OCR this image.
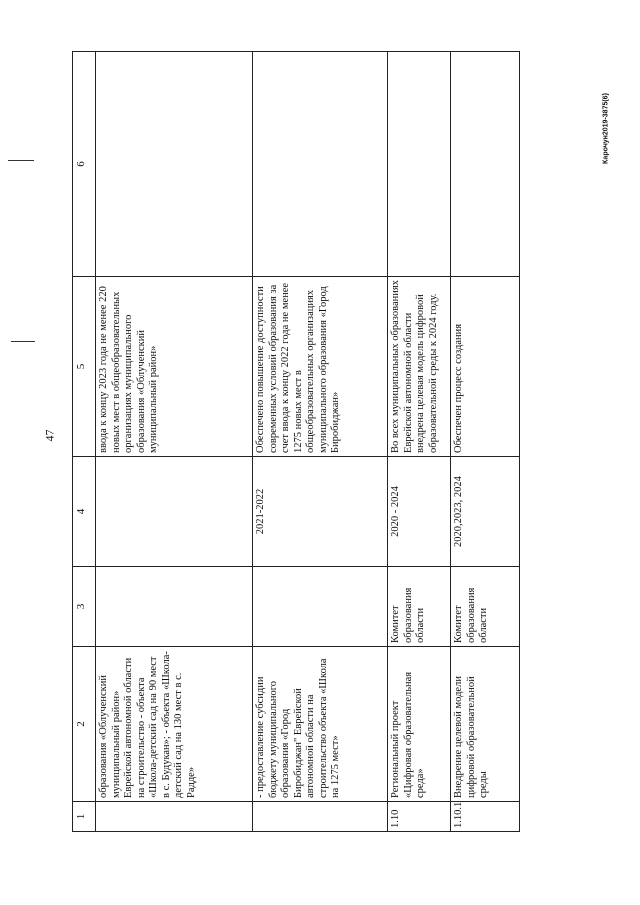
47
Карочун2019-3875(6)
1	2	3	4	5	6
	образования «Облученский муниципальный район» Еврейской автономной области на строительство - объекта «Школа-детский сад на 90 мест в с. Будукан»; - объекта «Школа-детский сад на 130 мест в с. Радде»			ввода к концу 2023 года не менее 220 новых мест в общеобразовательных организациях муниципального образования «Облученский муниципальный район»	
	- предоставление субсидии бюджету муниципального образования «Город Биробиджан" Еврейской автономной области на строительство объекта «Школа на 1275 мест»		2021-2022	Обеспечено повышение доступности современных условий образования за счет ввода к концу 2022 года не менее 1275 новых мест в общеобразовательных организациях муниципального образования «Город Биробиджан»	
1.10	Региональный проект «Цифровая образовательная среда»	Комитет образования области	2020 - 2024	Во всех муниципальных образованиях Еврейской автономной области внедрена целевая модель цифровой образовательной среды к 2024 году.	
1.10.1	Внедрение целевой модели цифровой образовательной среды	Комитет образования области	2020,2023, 2024	Обеспечен процесс создания	
